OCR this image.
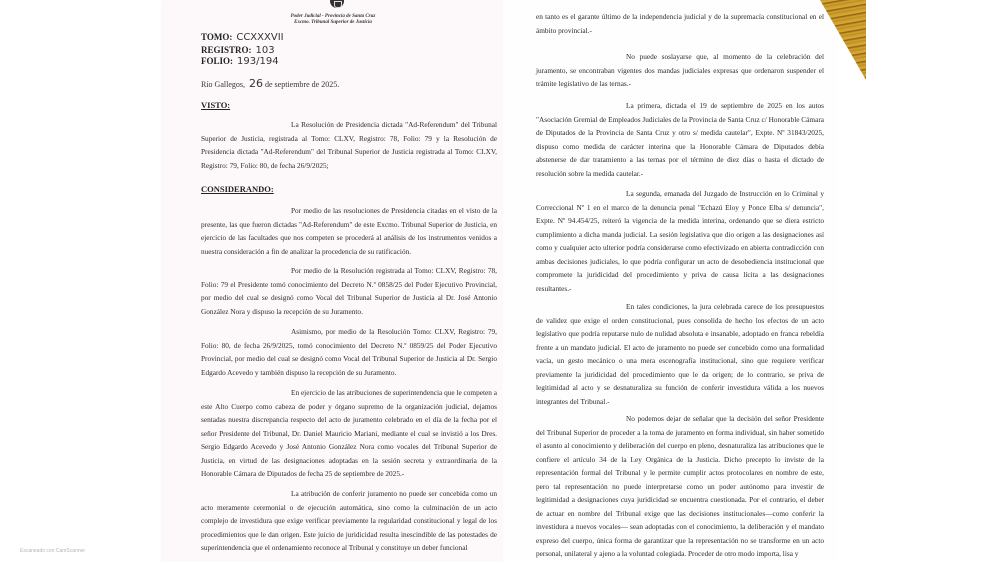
Poder Judicial - Provincia de Santa Cruz
Excmo. Tribunal Superior de Justicia
TOMO: CCXXXVII
REGISTRO: 103
FOLIO: 193/194
Río Gallegos, 26 de septiembre de 2025.
VISTO:
La Resolución de Presidencia dictada "Ad-Referendum" del Tribunal Superior de Justicia, registrada al Tomo: CLXV, Registro: 78, Folio: 79 y la Resolución de Presidencia dictada "Ad-Referendum" del Tribunal Superior de Justicia registrada al Tomo: CLXV, Registro: 79, Folio: 80, de fecha 26/9/2025;
CONSIDERANDO:
Por medio de las resoluciones de Presidencia citadas en el visto de la presente, las que fueron dictadas "Ad-Referendum" de este Excmo. Tribunal Superior de Justicia, en ejercicio de las facultades que nos competen se procederá al análisis de los instrumentos venidos a nuestra consideración a fin de analizar la procedencia de su ratificación.
Por medio de la Resolución registrada al Tomo: CLXV, Registro: 78, Folio: 79 el Presidente tomó conocimiento del Decreto N.º 0858/25 del Poder Ejecutivo Provincial, por medio del cual se designó como Vocal del Tribunal Superior de Justicia al Dr. José Antonio González Nora y dispuso la recepción de su Juramento.
Asimismo, por medio de la Resolución Tomo: CLXV, Registro: 79, Folio: 80, de fecha 26/9/2025, tomó conocimiento del Decreto N.º 0859/25 del Poder Ejecutivo Provincial, por medio del cual se designó como Vocal del Tribunal Superior de Justicia al Dr. Sergio Edgardo Acevedo y también dispuso la recepción de su Juramento.
En ejercicio de las atribuciones de superintendencia que le competen a este Alto Cuerpo como cabeza de poder y órgano supremo de la organización judicial, dejamos sentadas nuestra discrepancia respecto del acto de juramento celebrado en el día de la fecha por el señor Presidente del Tribunal, Dr. Daniel Mauricio Mariani, mediante el cual se invistió a los Dres. Sergio Edgardo Acevedo y José Antonio González Nora como vocales del Tribunal Superior de Justicia, en virtud de las designaciones adoptadas en la sesión secreta y extraordinaria de la Honorable Cámara de Diputados de fecha 25 de septiembre de 2025.-
La atribución de conferir juramento no puede ser concebida como un acto meramente ceremonial o de ejecución automática, sino como la culminación de un acto complejo de investidura que exige verificar previamente la regularidad constitucional y legal de los procedimientos que le dan origen. Este juicio de juridicidad resulta inescindible de las potestades de superintendencia que el ordenamiento reconoce al Tribunal y constituye un deber funcional
en tanto es el garante último de la independencia judicial y de la supremacía constitucional en el ámbito provincial.-
No puede soslayarse que, al momento de la celebración del juramento, se encontraban vigentes dos mandas judiciales expresas que ordenaron suspender el trámite legislativo de las ternas.-
La primera, dictada el 19 de septiembre de 2025 en los autos "Asociación Gremial de Empleados Judiciales de la Provincia de Santa Cruz c/ Honorable Cámara de Diputados de la Provincia de Santa Cruz y otro s/ medida cautelar", Expte. Nº 31843/2025, dispuso como medida de carácter interina que la Honorable Cámara de Diputados debía abstenerse de dar tratamiento a las ternas por el término de diez días o hasta el dictado de resolución sobre la medida cautelar.-
La segunda, emanada del Juzgado de Instrucción en lo Criminal y Correccional Nº 1 en el marco de la denuncia penal "Echazú Eloy y Ponce Elba s/ denuncia", Expte. Nº 94.454/25, reiteró la vigencia de la medida interina, ordenando que se diera estricto cumplimiento a dicha manda judicial. La sesión legislativa que dio origen a las designaciones así como y cualquier acto ulterior podría considerarse como efectivizado en abierta contradicción con ambas decisiones judiciales, lo que podría configurar un acto de desobediencia institucional que compromete la juridicidad del procedimiento y priva de causa lícita a las designaciones resultantes.-
En tales condiciones, la jura celebrada carece de los presupuestos de validez que exige el orden constitucional, pues consolida de hecho los efectos de un acto legislativo que podría reputarse nulo de nulidad absoluta e insanable, adoptado en franca rebeldía frente a un mandato judicial. El acto de juramento no puede ser concebido como una formalidad vacía, un gesto mecánico o una mera escenografía institucional, sino que requiere verificar previamente la juridicidad del procedimiento que le da origen; de lo contrario, se priva de legitimidad al acto y se desnaturaliza su función de conferir investidura válida a los nuevos integrantes del Tribunal.-
No podemos dejar de señalar que la decisión del señor Presidente del Tribunal Superior de proceder a la toma de juramento en forma individual, sin haber sometido el asunto al conocimiento y deliberación del cuerpo en pleno, desnaturaliza las atribuciones que le confiere el artículo 34 de la Ley Orgánica de la Justicia. Dicho precepto lo inviste de la representación formal del Tribunal y le permite cumplir actos protocolares en nombre de este, pero tal representación no puede interpretarse como un poder autónomo para investir de legitimidad a designaciones cuya juridicidad se encuentra cuestionada. Por el contrario, el deber de actuar en nombre del Tribunal exige que las decisiones institucionales—como conferir la investidura a nuevos vocales— sean adoptadas con el conocimiento, la deliberación y el mandato expreso del cuerpo, única forma de garantizar que la representación no se transforme en un acto personal, unilateral y ajeno a la voluntad colegiada. Proceder de otro modo importa, lisa y
Escaneado con CamScanner
